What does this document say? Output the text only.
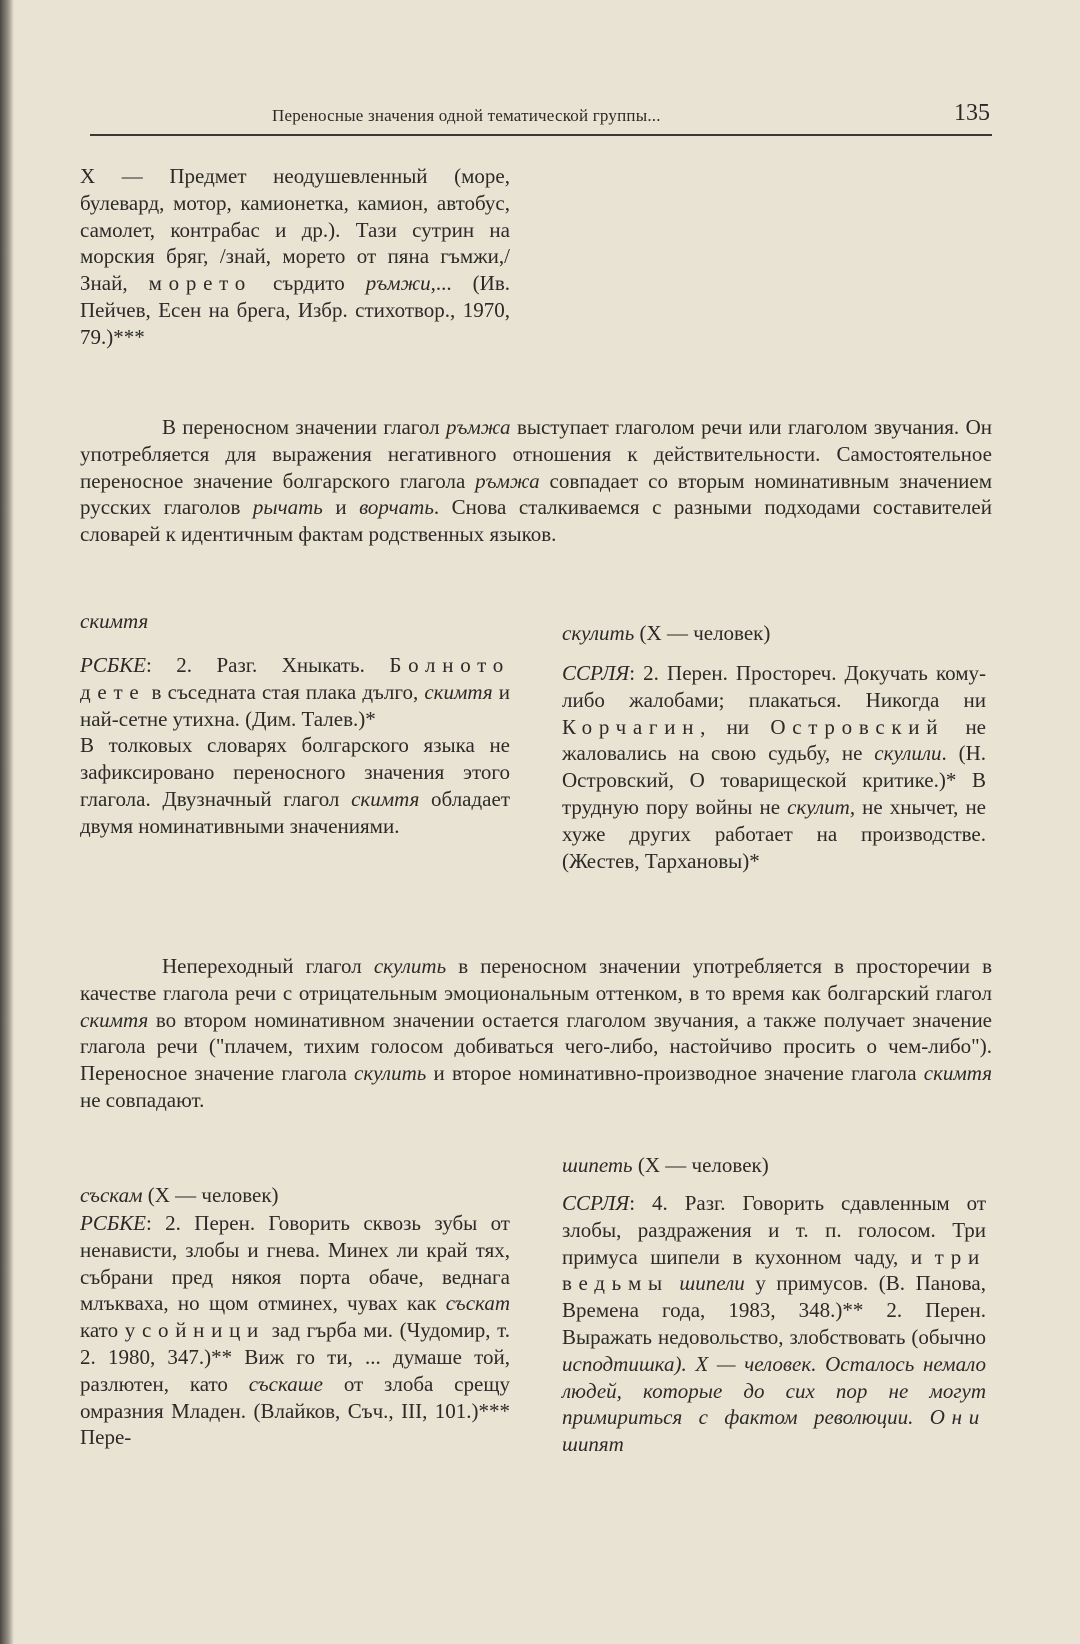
Переносные значения одной тематической группы...	135

X — Предмет неодушевленный (море, булевард, мотор, камионетка, камион, автобус, самолет, контрабас и др.). Тази сутрин на морския бряг, /знай, морето от пяна гъмжи,/ Знай, морето сърдито ръмжи,... (Ив. Пейчев, Есен на брега, Избр. стихотвор., 1970, 79.)***

В переносном значении глагол ръмжа выступает глаголом речи или глаголом звучания. Он употребляется для выражения негативного отношения к действительности. Самостоятельное переносное значение болгарского глагола ръмжа совпадает со вторым номинативным значением русских глаголов рычать и ворчать. Снова сталкиваемся с разными подходами составителей словарей к идентичным фактам родственных языков.

скимтя

РСБКЕ: 2. Разг. Хныкать. Болното дете в съседната стая плака дълго, скимтя и най-сетне утихна. (Дим. Талев.)*

В толковых словарях болгарского языка не зафиксировано переносного значения этого глагола. Двузначный глагол скимтя обладает двумя номинативными значениями.

скулить (X — человек)

ССРЛЯ: 2. Перен. Простореч. Докучать кому-либо жалобами; плакаться. Никогда ни Корчагин, ни Островский не жаловались на свою судьбу, не скулили. (Н. Островский, О товарищеской критике.)* В трудную пору войны не скулит, не хнычет, не хуже других работает на производстве. (Жестев, Тархановы)*

Непереходный глагол скулить в переносном значении употребляется в просторечии в качестве глагола речи с отрицательным эмоциональным оттенком, в то время как болгарский глагол скимтя во втором номинативном значении остается глаголом звучания, а также получает значение глагола речи ("плачем, тихим голосом добиваться чего-либо, настойчиво просить о чем-либо"). Переносное значение глагола скулить и второе номинативно-производное значение глагола скимтя не совпадают.

съскам (X — человек)

РСБКЕ: 2. Перен. Говорить сквозь зубы от ненависти, злобы и гнева. Минех ли край тях, събрани пред някоя порта обаче, веднага млъкваха, но щом отминех, чувах как съскат като усойници зад гърба ми. (Чудомир, т. 2. 1980, 347.)** Виж го ти, ... думаше той, разлютен, като съскаше от злоба срещу омразния Младен. (Влайков, Съч., III, 101.)*** Пере-

шипеть (X — человек)

ССРЛЯ: 4. Разг. Говорить сдавленным от злобы, раздражения и т. п. голосом. Три примуса шипели в кухонном чаду, и три ведьмы шипели у примусов. (В. Панова, Времена года, 1983, 348.)** 2. Перен. Выражать недовольство, злобствовать (обычно исподтишка). X — человек. Осталось немало людей, которые до сих пор не могут примириться с фактом революции. Они шипят
